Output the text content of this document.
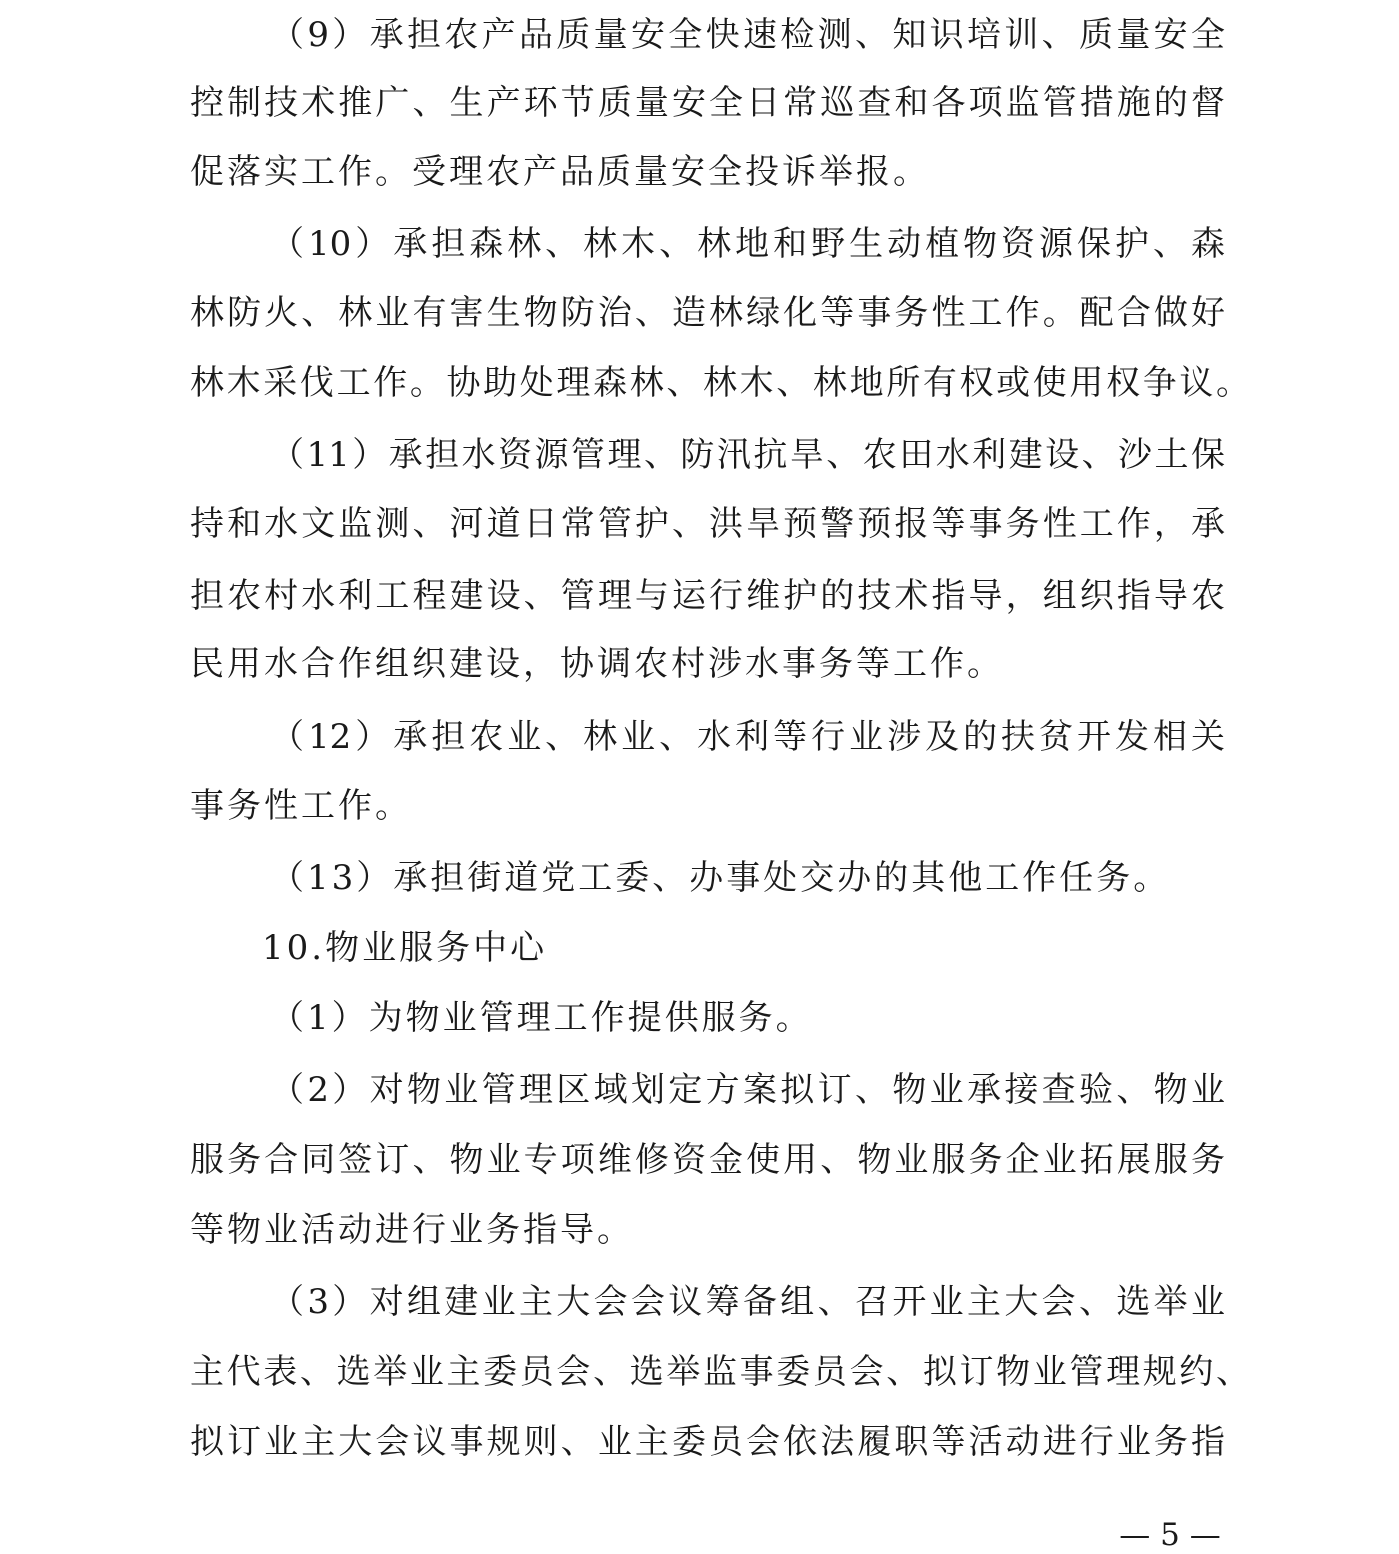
（9）承担农产品质量安全快速检测、知识培训、质量安全
控制技术推广、生产环节质量安全日常巡查和各项监管措施的督
促落实工作。受理农产品质量安全投诉举报。
（10）承担森林、林木、林地和野生动植物资源保护、森
林防火、林业有害生物防治、造林绿化等事务性工作。配合做好
林木采伐工作。协助处理森林、林木、林地所有权或使用权争议。
（11）承担水资源管理、防汛抗旱、农田水利建设、沙土保
持和水文监测、河道日常管护、洪旱预警预报等事务性工作，承
担农村水利工程建设、管理与运行维护的技术指导，组织指导农
民用水合作组织建设，协调农村涉水事务等工作。
（12）承担农业、林业、水利等行业涉及的扶贫开发相关
事务性工作。
（13）承担街道党工委、办事处交办的其他工作任务。
10.物业服务中心
（1）为物业管理工作提供服务。
（2）对物业管理区域划定方案拟订、物业承接查验、物业
服务合同签订、物业专项维修资金使用、物业服务企业拓展服务
等物业活动进行业务指导。
（3）对组建业主大会会议筹备组、召开业主大会、选举业
主代表、选举业主委员会、选举监事委员会、拟订物业管理规约、
拟订业主大会议事规则、业主委员会依法履职等活动进行业务指
— 5 —
